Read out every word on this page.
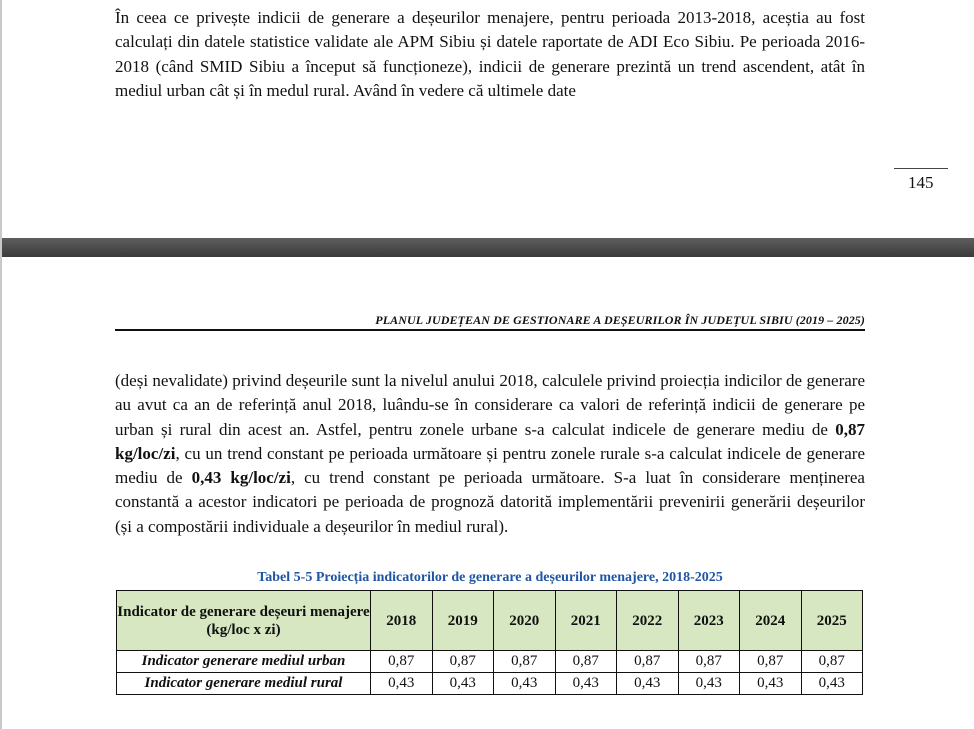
În ceea ce privește indicii de generare a deșeurilor menajere, pentru perioada 2013-2018, aceștia au fost calculați din datele statistice validate ale APM Sibiu și datele raportate de ADI Eco Sibiu. Pe perioada 2016-2018 (când SMID Sibiu a început să funcționeze), indicii de generare prezintă un trend ascendent, atât în mediul urban cât și în medul rural. Având în vedere că ultimele date

145
PLANUL JUDEȚEAN DE GESTIONARE A DEȘEURILOR ÎN JUDEȚUL SIBIU (2019 – 2025)

(deși nevalidate) privind deșeurile sunt la nivelul anului 2018, calculele privind proiecția indicilor de generare au avut ca an de referință anul 2018, luându-se în considerare ca valori de referință indicii de generare pe urban și rural din acest an. Astfel, pentru zonele urbane s-a calculat indicele de generare mediu de 0,87 kg/loc/zi, cu un trend constant pe perioada următoare și pentru zonele rurale s-a calculat indicele de generare mediu de 0,43 kg/loc/zi, cu trend constant pe perioada următoare. S-a luat în considerare menținerea constantă a acestor indicatori pe perioada de prognoză datorită implementării prevenirii generării deșeurilor (și a compostării individuale a deșeurilor în mediul rural).

Tabel 5-5 Proiecția indicatorilor de generare a deșeurilor menajere, 2018-2025
Indicator de generare deșeuri menajere (kg/loc x zi)	2018	2019	2020	2021	2022	2023	2024	2025
Indicator generare mediul urban	0,87	0,87	0,87	0,87	0,87	0,87	0,87	0,87
Indicator generare mediul rural	0,43	0,43	0,43	0,43	0,43	0,43	0,43	0,43
